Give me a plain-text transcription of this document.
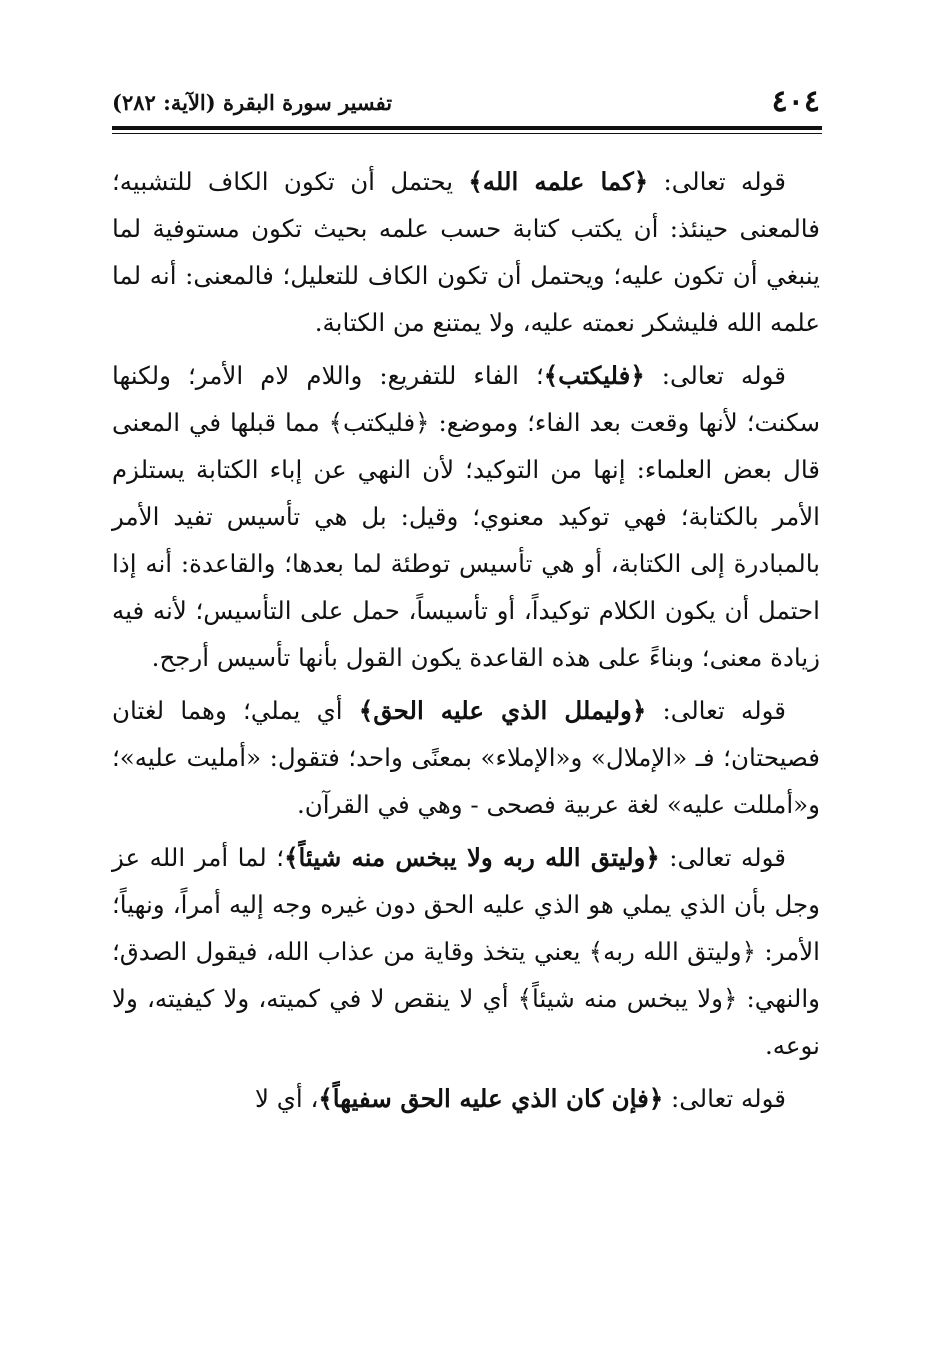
٤٠٤
تفسير سورة البقرة (الآية: ٢٨٢)

قوله تعالى: ﴿كما علمه الله﴾ يحتمل أن تكون الكاف للتشبيه؛ فالمعنى حينئذ: أن يكتب كتابة حسب علمه بحيث تكون مستوفية لما ينبغي أن تكون عليه؛ ويحتمل أن تكون الكاف للتعليل؛ فالمعنى: أنه لما علمه الله فليشكر نعمته عليه، ولا يمتنع من الكتابة.

قوله تعالى: ﴿فليكتب﴾؛ الفاء للتفريع: واللام لام الأمر؛ ولكنها سكنت؛ لأنها وقعت بعد الفاء؛ وموضع: ﴿فليكتب﴾ مما قبلها في المعنى قال بعض العلماء: إنها من التوكيد؛ لأن النهي عن إباء الكتابة يستلزم الأمر بالكتابة؛ فهي توكيد معنوي؛ وقيل: بل هي تأسيس تفيد الأمر بالمبادرة إلى الكتابة، أو هي تأسيس توطئة لما بعدها؛ والقاعدة: أنه إذا احتمل أن يكون الكلام توكيداً، أو تأسيساً، حمل على التأسيس؛ لأنه فيه زيادة معنى؛ وبناءً على هذه القاعدة يكون القول بأنها تأسيس أرجح.

قوله تعالى: ﴿وليملل الذي عليه الحق﴾ أي يملي؛ وهما لغتان فصيحتان؛ فـ «الإملال» و«الإملاء» بمعنًى واحد؛ فتقول: «أمليت عليه»؛ و«أمللت عليه» لغة عربية فصحى - وهي في القرآن.

قوله تعالى: ﴿وليتق الله ربه ولا يبخس منه شيئاً﴾؛ لما أمر الله عز وجل بأن الذي يملي هو الذي عليه الحق دون غيره وجه إليه أمراً، ونهياً؛ الأمر: ﴿وليتق الله ربه﴾ يعني يتخذ وقاية من عذاب الله، فيقول الصدق؛ والنهي: ﴿ولا يبخس منه شيئاً﴾ أي لا ينقص لا في كميته، ولا كيفيته، ولا نوعه.

قوله تعالى: ﴿فإن كان الذي عليه الحق سفيهاً﴾، أي لا
